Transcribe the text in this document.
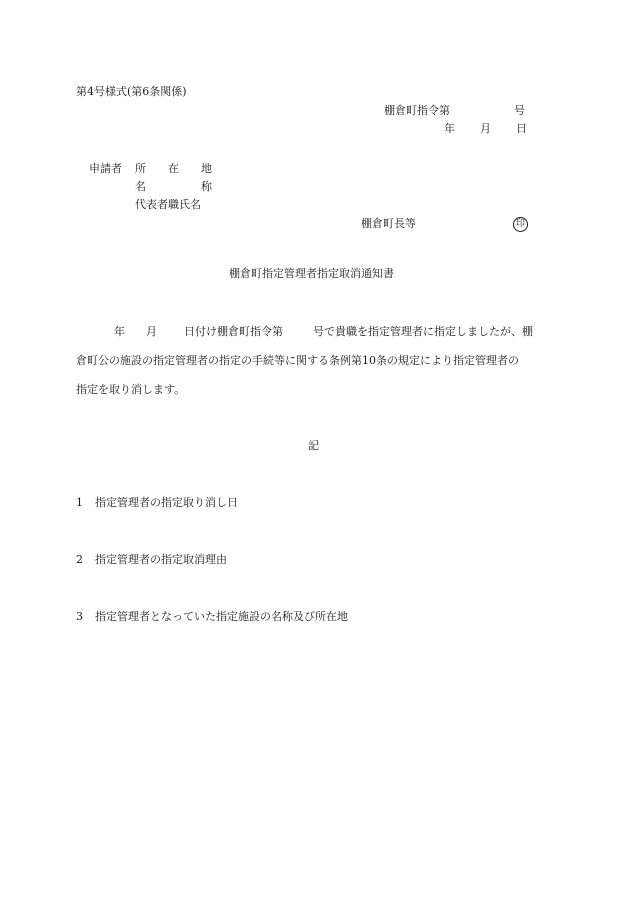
第4号様式(第6条関係)
棚倉町指令第	号
年 月 日
申請者 所　　在　　地
名　　　　　称
代表者職氏名
棚倉町長等	印
棚倉町指定管理者指定取消通知書
年 月 日付け棚倉町指令第	号で貴職を指定管理者に指定しましたが、棚
倉町公の施設の指定管理者の指定の手続等に関する条例第10条の規定により指定管理者の
指定を取り消します。
記
1 指定管理者の指定取り消し日
2 指定管理者の指定取消理由
3 指定管理者となっていた指定施設の名称及び所在地
